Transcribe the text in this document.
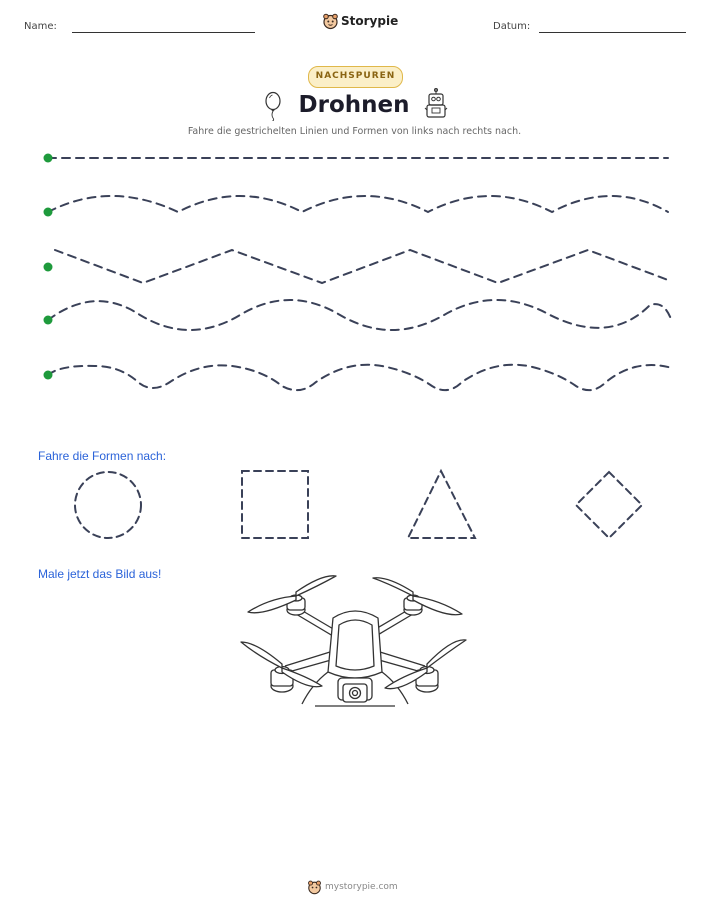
Name:	Storypie	Datum:
NACHSPUREN
Drohnen
Fahre die gestrichelten Linien und Formen von links nach rechts nach.
Fahre die Formen nach:
Male jetzt das Bild aus!
mystorypie.com
